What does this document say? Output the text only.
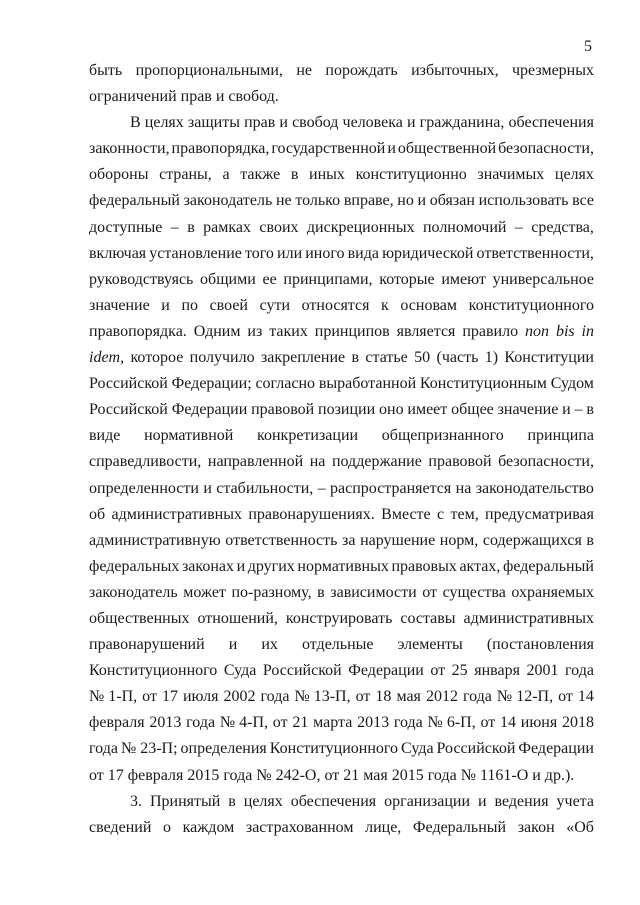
5
быть пропорциональными, не порождать избыточных, чрезмерных
ограничений прав и свобод.
В целях защиты прав и свобод человека и гражданина, обеспечения
законности, правопорядка, государственной и общественной безопасности,
обороны страны, а также в иных конституционно значимых целях
федеральный законодатель не только вправе, но и обязан использовать все
доступные – в рамках своих дискреционных полномочий – средства,
включая установление того или иного вида юридической ответственности,
руководствуясь общими ее принципами, которые имеют универсальное
значение и по своей сути относятся к основам конституционного
правопорядка. Одним из таких принципов является правило non bis in
idem, которое получило закрепление в статье 50 (часть 1) Конституции
Российской Федерации; согласно выработанной Конституционным Судом
Российской Федерации правовой позиции оно имеет общее значение и – в
виде нормативной конкретизации общепризнанного принципа
справедливости, направленной на поддержание правовой безопасности,
определенности и стабильности, – распространяется на законодательство
об административных правонарушениях. Вместе с тем, предусматривая
административную ответственность за нарушение норм, содержащихся в
федеральных законах и других нормативных правовых актах, федеральный
законодатель может по-разному, в зависимости от существа охраняемых
общественных отношений, конструировать составы административных
правонарушений и их отдельные элементы (постановления
Конституционного Суда Российской Федерации от 25 января 2001 года
№ 1-П, от 17 июля 2002 года № 13-П, от 18 мая 2012 года № 12-П, от 14
февраля 2013 года № 4-П, от 21 марта 2013 года № 6-П, от 14 июня 2018
года № 23-П; определения Конституционного Суда Российской Федерации
от 17 февраля 2015 года № 242-О, от 21 мая 2015 года № 1161-О и др.).
3. Принятый в целях обеспечения организации и ведения учета
сведений о каждом застрахованном лице, Федеральный закон «Об
